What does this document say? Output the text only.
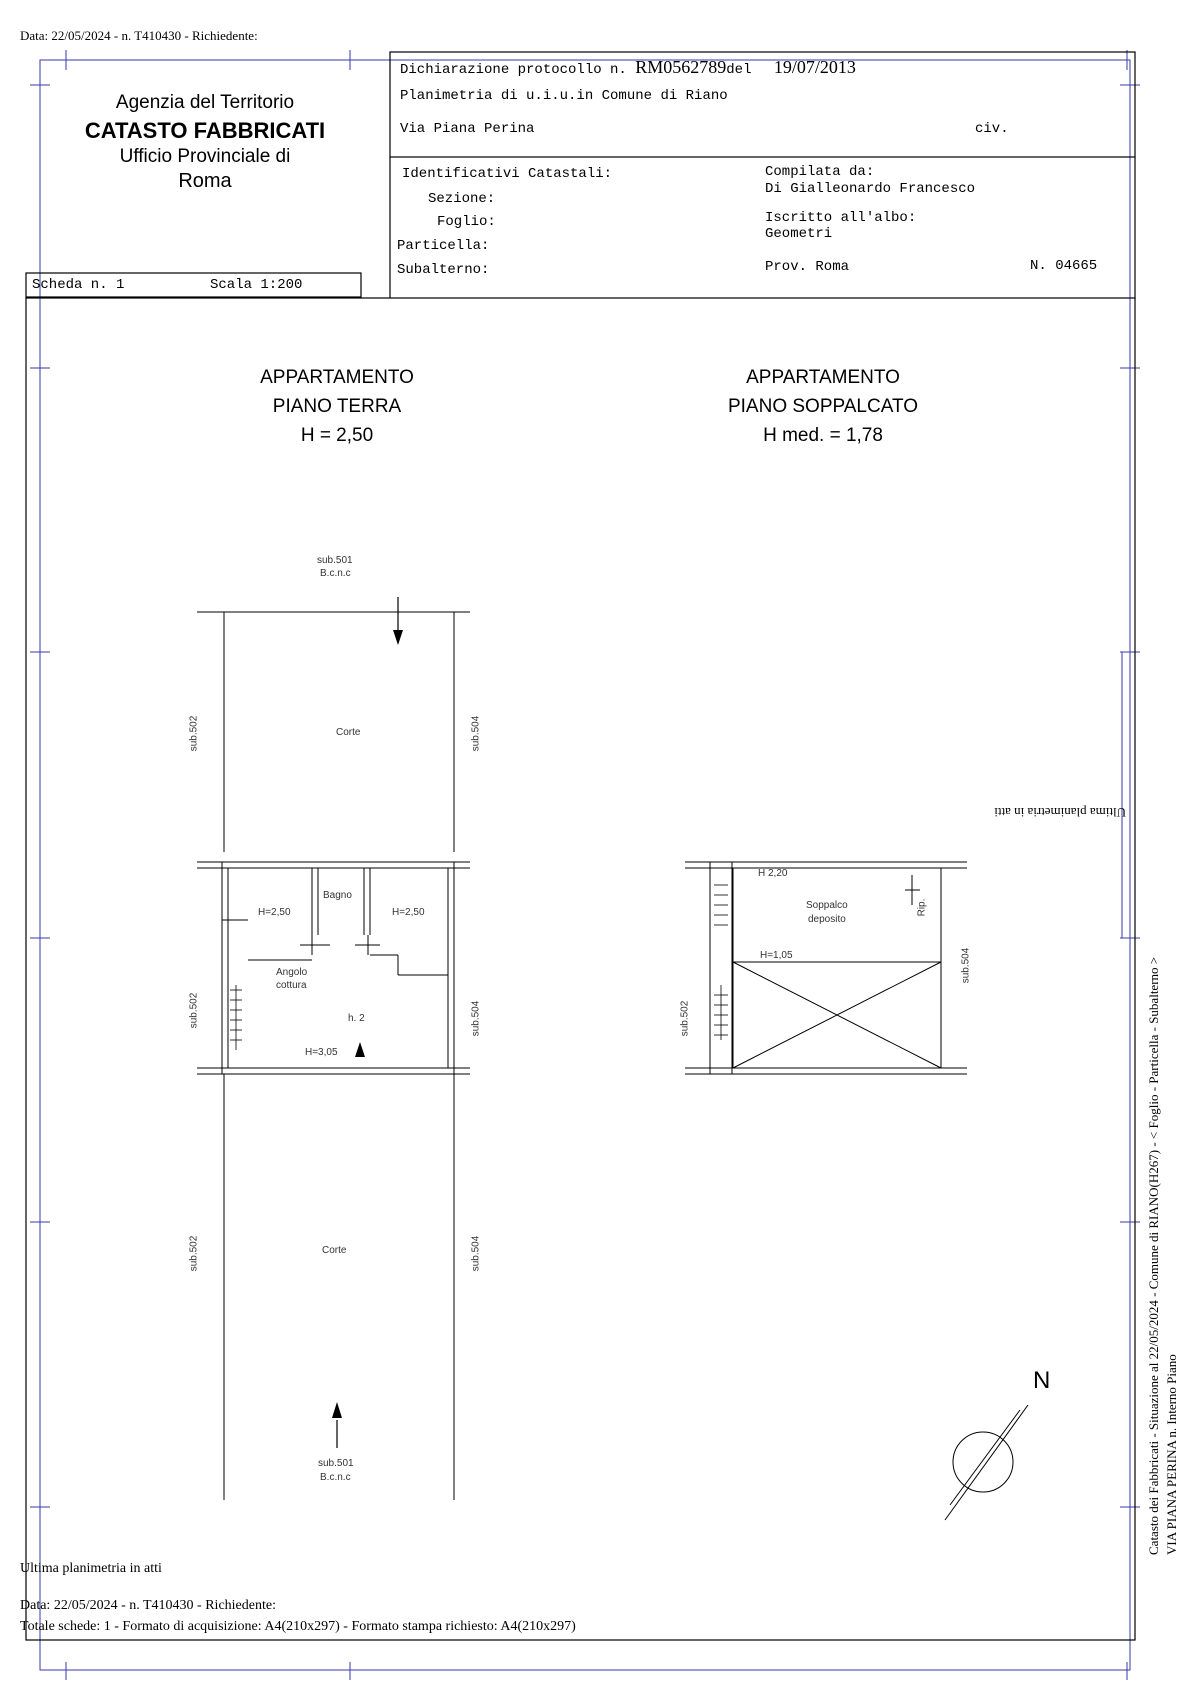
Data: 22/05/2024 - n. T410430 - Richiedente:
Agenzia del Territorio
CATASTO FABBRICATI
Ufficio Provinciale di
Roma
Dichiarazione protocollo n. RM0562789del 19/07/2013
Planimetria di u.i.u.in Comune di Riano
Via Piana Perina	civ.
Identificativi Catastali:
Sezione:
Foglio:
Particella:
Subalterno:
Compilata da:
Di Gialleonardo Francesco
Iscritto all'albo:
Geometri
Prov. Roma	N. 04665
Scheda n. 1	Scala 1:200
APPARTAMENTO
PIANO TERRA
H = 2,50
APPARTAMENTO
PIANO SOPPALCATO
H med. = 1,78
sub.501
B.c.n.c
Corte
sub.502	sub.504
H=2,50
Bagno
H=2,50
Angolo
cottura
h. 2
H=3,05
sub.502	sub.504
Corte
sub.502	sub.504
sub.501
B.c.n.c
H 2,20
Soppalco
deposito
Rip.
H=1,05	sub.504
sub.502
N	Catasto dei Fabbricati - Situazione al 22/05/2024 - Comune di RIANO(H267) - < Foglio - Particella - Subalterno > VIA PIANA PERINA n. Interno Piano
Ultima planimetria in atti
Ultima planimetria in atti
Data: 22/05/2024 - n. T410430 - Richiedente:
Totale schede: 1 - Formato di acquisizione: A4(210x297) - Formato stampa richiesto: A4(210x297)
